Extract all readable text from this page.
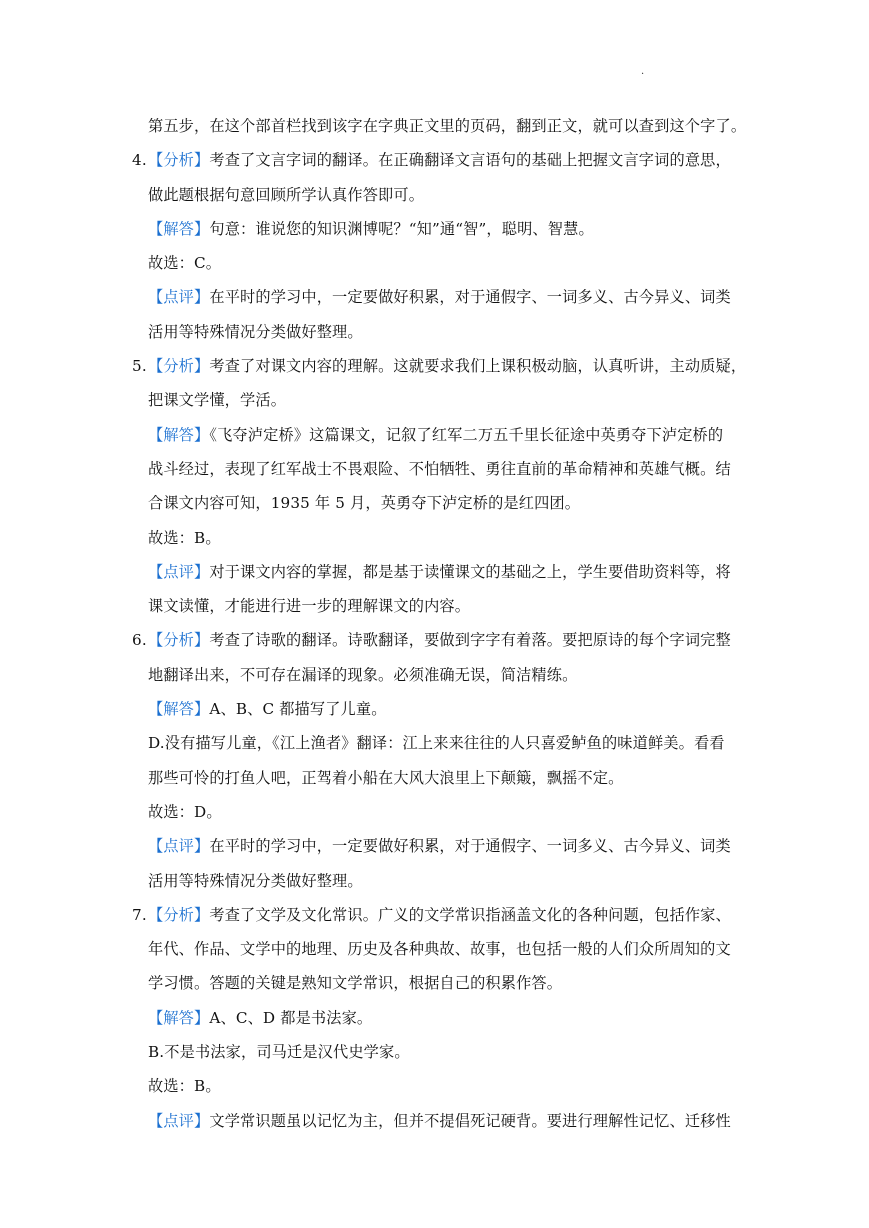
.
第五步，在这个部首栏找到该字在字典正文里的页码，翻到正文，就可以查到这个字了。
4.【分析】考查了文言字词的翻译。在正确翻译文言语句的基础上把握文言字词的意思，
做此题根据句意回顾所学认真作答即可。
【解答】句意：谁说您的知识渊博呢？“知”通“智”，聪明、智慧。
故选：C。
【点评】在平时的学习中，一定要做好积累，对于通假字、一词多义、古今异义、词类
活用等特殊情况分类做好整理。
5.【分析】考查了对课文内容的理解。这就要求我们上课积极动脑，认真听讲，主动质疑，
把课文学懂，学活。
【解答】《飞夺泸定桥》这篇课文，记叙了红军二万五千里长征途中英勇夺下泸定桥的
战斗经过，表现了红军战士不畏艰险、不怕牺牲、勇往直前的革命精神和英雄气概。结
合课文内容可知，1935 年 5 月，英勇夺下泸定桥的是红四团。
故选：B。
【点评】对于课文内容的掌握，都是基于读懂课文的基础之上，学生要借助资料等，将
课文读懂，才能进行进一步的理解课文的内容。
6.【分析】考查了诗歌的翻译。诗歌翻译，要做到字字有着落。要把原诗的每个字词完整
地翻译出来，不可存在漏译的现象。必须准确无误，简洁精练。
【解答】A、B、C 都描写了儿童。
D.没有描写儿童，《江上渔者》翻译：江上来来往往的人只喜爱鲈鱼的味道鲜美。看看
那些可怜的打鱼人吧，正驾着小船在大风大浪里上下颠簸，飘摇不定。
故选：D。
【点评】在平时的学习中，一定要做好积累，对于通假字、一词多义、古今异义、词类
活用等特殊情况分类做好整理。
7.【分析】考查了文学及文化常识。广义的文学常识指涵盖文化的各种问题，包括作家、
年代、作品、文学中的地理、历史及各种典故、故事，也包括一般的人们众所周知的文
学习惯。答题的关键是熟知文学常识，根据自己的积累作答。
【解答】A、C、D 都是书法家。
B.不是书法家，司马迁是汉代史学家。
故选：B。
【点评】文学常识题虽以记忆为主，但并不提倡死记硬背。要进行理解性记忆、迁移性
